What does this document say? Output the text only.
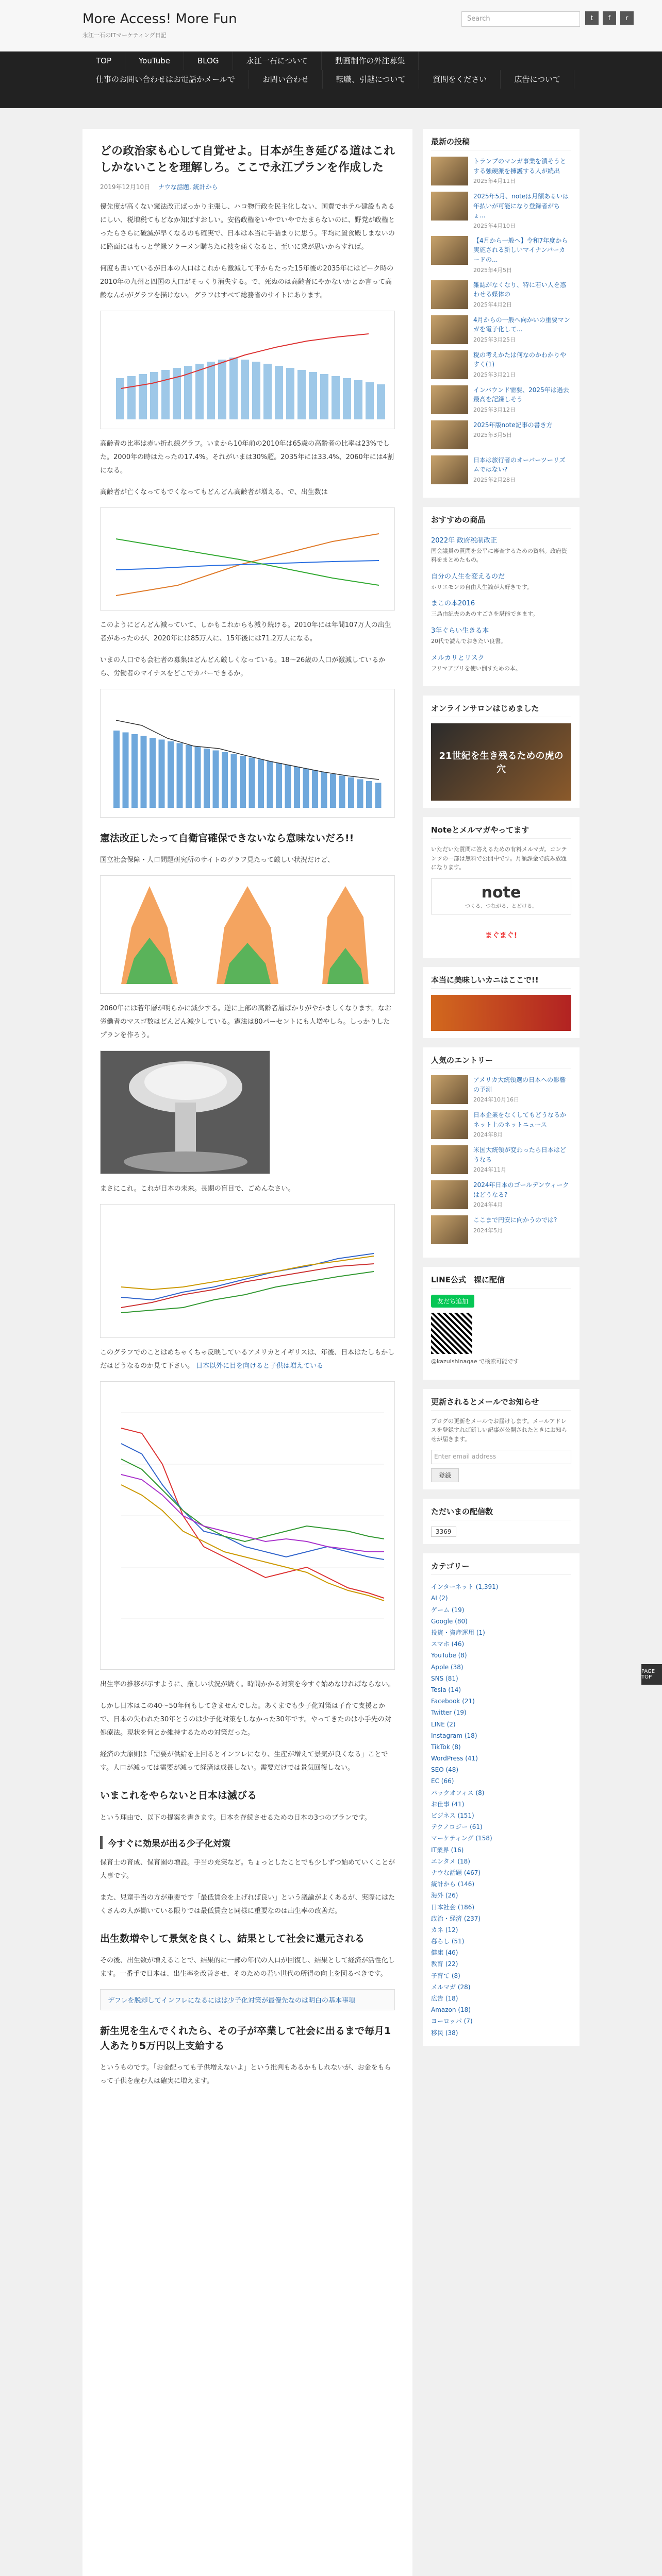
More Access! More Fun
永江一石のITマーケティング日記
Search	t	f	r
TOP	YouTube	BLOG	永江一石について	動画制作の外注募集
仕事のお問い合わせはお電話かメールで	お問い合わせ	転職、引越について	質問をください	広告について
どの政治家も心して自覚せよ。日本が生き延びる道はこれしかないことを理解しろ。ここで永江プランを作成した
2019年12月10日 　 ナウな話題, 統計から
優先度が高くない憲法改正ばっかり主張し、ハコ物行政を民主化しない、国費でホテル建設もあるにしい、税増税てもどなか知ばすおしい。安倍政権をいやでいやでたまらないのに、野党が政権とったらさらに破滅が早くなるのも確実で、日本は本当に手詰まりに思う。平均に置食殿しまないのに路面にはもっと学縁ソラーメン購ちたに捜を痛くなると、至いに乗が思いからすれば。
何度も書いているが日本の人口はこれから激減して平からたった15年後の2035年にはピーク時の2010年の九州と四国の人口がそっくり消失する。で、死ぬのは高齢者にやかないかとか言って高齢なんかがグラフを描けない。グラフはすべて総務省のサイトにあります。
高齢者の比率は赤い折れ線グラフ。いまから10年前の2010年は65歳の高齢者の比率は23%でした。2000年の時はたったの17.4%。それがいまは30%超。2035年には33.4%、2060年には4割になる。
高齢者が亡くなってもでくなってもどんどん高齢者が増える、で、出生数は
このようにどんどん減っていて、しかもこれからも減り続ける。2010年には年間107万人の出生者があったのが、2020年には85万人に、15年後には71.2万人になる。
いまの人口でも会社者の募集はどんどん厳しくなっている。18〜26歳の人口が激減しているから、労働者のマイナスをどこでカバーできるか。
憲法改正したって自衛官確保できないなら意味ないだろ!!
国立社会保障・人口問題研究所のサイトのグラフ見たって厳しい状況だけど、
2060年には若年層が明らかに減少する。逆に上部の高齢者層ばかりがやかましくなります。なお労働者のマスゴ数はどんどん減少している。憲法は80パーセントにも人増やしら。しっかりしたプランを作ろう。
まさにこれ。これが日本の未来。長期の盲目で、ごめんなさい。
このグラフでのことはめちゃくちゃ反映しているアメリカとイギリスは、年後、日本はたしもかしだはどうなるのか見て下さい。 日本以外に目を向けると子供は増えている
出生率の推移が示すように、厳しい状況が続く。時間かかる対策を今すぐ始めなければならない。
しかし日本はこの40〜50年何もしてきませんでした。あくまでも少子化対策は子育て支援とかで、日本の失われた30年とうのは少子化対策をしなかった30年です。やってきたのは小手先の対処療法。現状を何とか維持するための対策だった。
経済の大原則は「需要が供給を上回るとインフレになり、生産が増えて景気が良くなる」ことです。人口が減っては需要が減って経済は成長しない。需要だけでは景気回復しない。
いまこれをやらないと日本は滅びる
という理由で、以下の提案を書きます。日本を存続させるための日本の3つのプランです。
今すぐに効果が出る少子化対策
保育士の育成、保育園の増設。手当の充実など。ちょっとしたことでも少しずつ始めていくことが大事です。
また、児童手当の方が重要です「最低賃金を上げれば良い」という議論がよくあるが、実際にはたくさんの人が働いている限りでは最低賃金と同様に重要なのは出生率の改善だ。
出生数増やして景気を良くし、結果として社会に還元される
その後、出生数が増えることで、結果的に一部の年代の人口が回復し、結果として経済が活性化します。一番手で日本は、出生率を改善させ、そのための若い世代の所得の向上を図るべきです。
デフレを脱却してインフレになるにはは少子化対策が最優先なのは明白の基本事項
新生児を生んでくれたら、その子が卒業して社会に出るまで毎月1人あたり5万円以上支給する
というものです。「お金配っても子供増えないよ」という批判もあるかもしれないが、お金をもらって子供を産む人は確実に増えます。
最新の投稿
トランプのマンガ事業を潰そうとする強硬派を擁護する人が続出
2025年4月11日
2025年5月、noteは月額あるいは年払いが可能になり登録者がちょ...
2025年4月10日
【4月から一般へ】令和7年度から実施される新しいマイナンバーカードの...
2025年4月5日
雑誌がなくなり、特に若い人を惑わせる媒体の
2025年4月2日
4月からの一般へ向かいの重要マンガを電子化して...
2025年3月25日
税の考えかたは何なのかわかりやすく(1)
2025年3月21日
インバウンド需要、2025年は過去最高を記録しそう
2025年3月12日
2025年版note記事の書き方
2025年3月5日
日本は旅行者のオーバーツーリズムではない?
2025年2月28日
おすすめの商品
2022年 政府税制改正
国会議員の質問を公平に審査するための資料。政府資料をまとめたもの。
自分の人生を変えるのだ
ホリエモンの自由人生論が大好きです。
まこの本2016
三島由紀夫のあのすごさを堪能できます。
3年ぐらい生きる本
20代で読んでおきたい良書。
メルカリとリスク
フリマアプリを使い倒すための本。
オンラインサロンはじめました
21世紀を生き残るための虎の穴
Noteとメルマガやってます
いただいた質問に答えるための有料メルマガ。コンテンツの一部は無料で公開中です。月額課金で読み放題になります。
note
つくる、つながる、とどける。
まぐまぐ!
本当に美味しいカニはここで!!
人気のエントリー
アメリカ大統領選の日本への影響の予測
2024年10月16日
日本企業をなくしてもどうなるかネット上のネットニュース
2024年8月
米国大統領が変わったら日本はどうなる
2024年11月
2024年日本のゴールデンウィークはどうなる?
2024年4月
ここまで円安に向かうのでは?
2024年5月
LINE公式　裸に配信
友だち追加
@kazuishinagae で検索可能です
更新されるとメールでお知らせ
ブログの更新をメールでお届けします。メールアドレスを登録すれば新しい記事が公開されたときにお知らせが届きます。
Enter email address
登録
ただいまの配信数
3369
カテゴリー
インターネット (1,391)
AI (2)
ゲーム (19)
Google (80)
投資・資産運用 (1)
スマホ (46)
YouTube (8)
Apple (38)
SNS (81)
Tesla (14)
Facebook (21)
Twitter (19)
LINE (2)
Instagram (18)
TikTok (8)
WordPress (41)
SEO (48)
EC (66)
バックオフィス (8)
お仕事 (41)
ビジネス (151)
テクノロジー (61)
マーケティング (158)
IT業界 (16)
エンタメ (18)
ナウな話題 (467)
統計から (146)
海外 (26)
日本社会 (186)
政治・経済 (237)
カネ (12)
暮らし (51)
健康 (46)
教育 (22)
子育て (8)
メルマガ (28)
広告 (18)
Amazon (18)
ヨーロッパ (7)
移民 (38)
PAGE TOP
